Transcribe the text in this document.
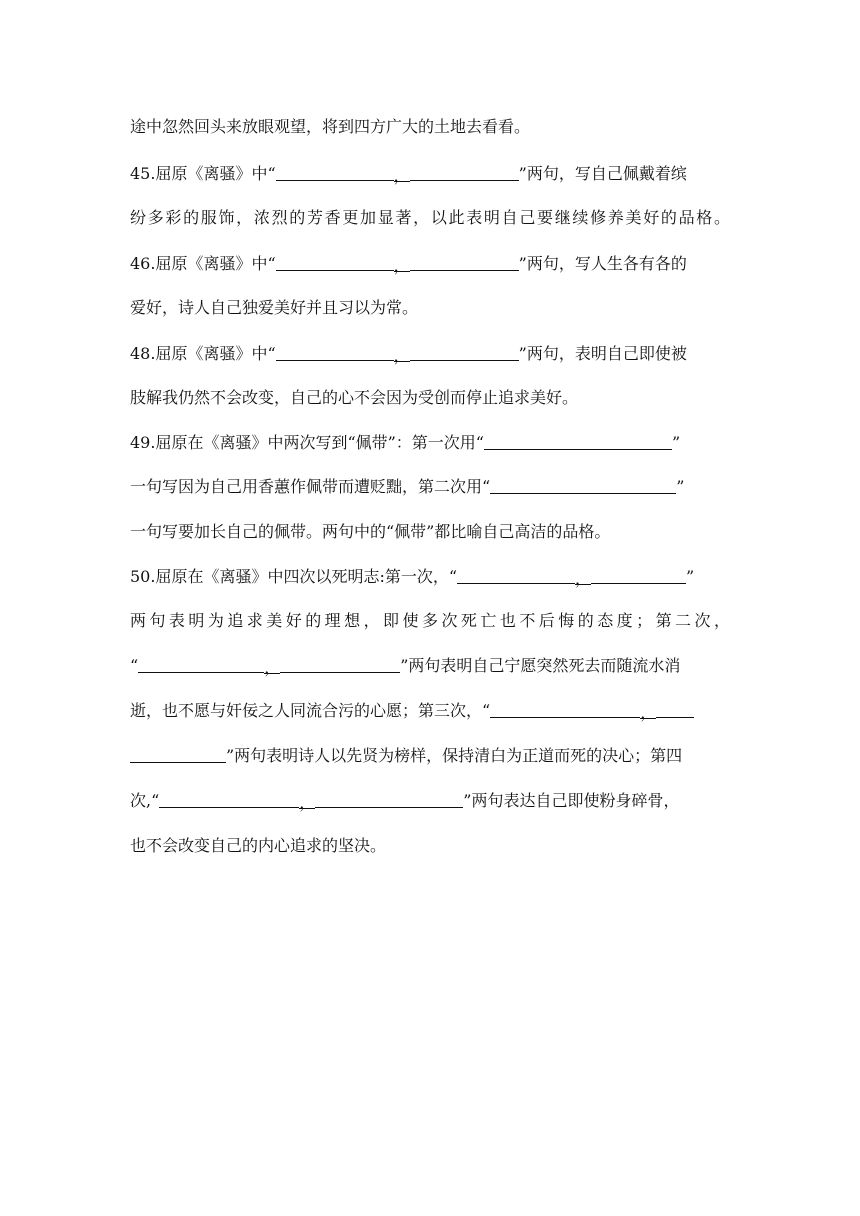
途中忽然回头来放眼观望，将到四方广大的土地去看看。
45.屈原《离骚》中“	，	”两句，写自己佩戴着缤
纷多彩的服饰，浓烈的芳香更加显著，以此表明自己要继续修养美好的品格。
46.屈原《离骚》中“	，	”两句，写人生各有各的
爱好，诗人自己独爱美好并且习以为常。
48.屈原《离骚》中“	，	”两句，表明自己即使被
肢解我仍然不会改变，自己的心不会因为受创而停止追求美好。
49.屈原在《离骚》中两次写到“佩带”：第一次用“	”
一句写因为自己用香蕙作佩带而遭贬黜，第二次用“	”
一句写要加长自己的佩带。两句中的“佩带”都比喻自己高洁的品格。
50.屈原在《离骚》中四次以死明志:第一次，“	，	”
两句表明为追求美好的理想，即使多次死亡也不后悔的态度；第二次，
“	，	”两句表明自己宁愿突然死去而随流水消
逝，也不愿与奸佞之人同流合污的心愿；第三次，“	，
”两句表明诗人以先贤为榜样，保持清白为正道而死的决心；第四
次,“	，	”两句表达自己即使粉身碎骨，
也不会改变自己的内心追求的坚决。
